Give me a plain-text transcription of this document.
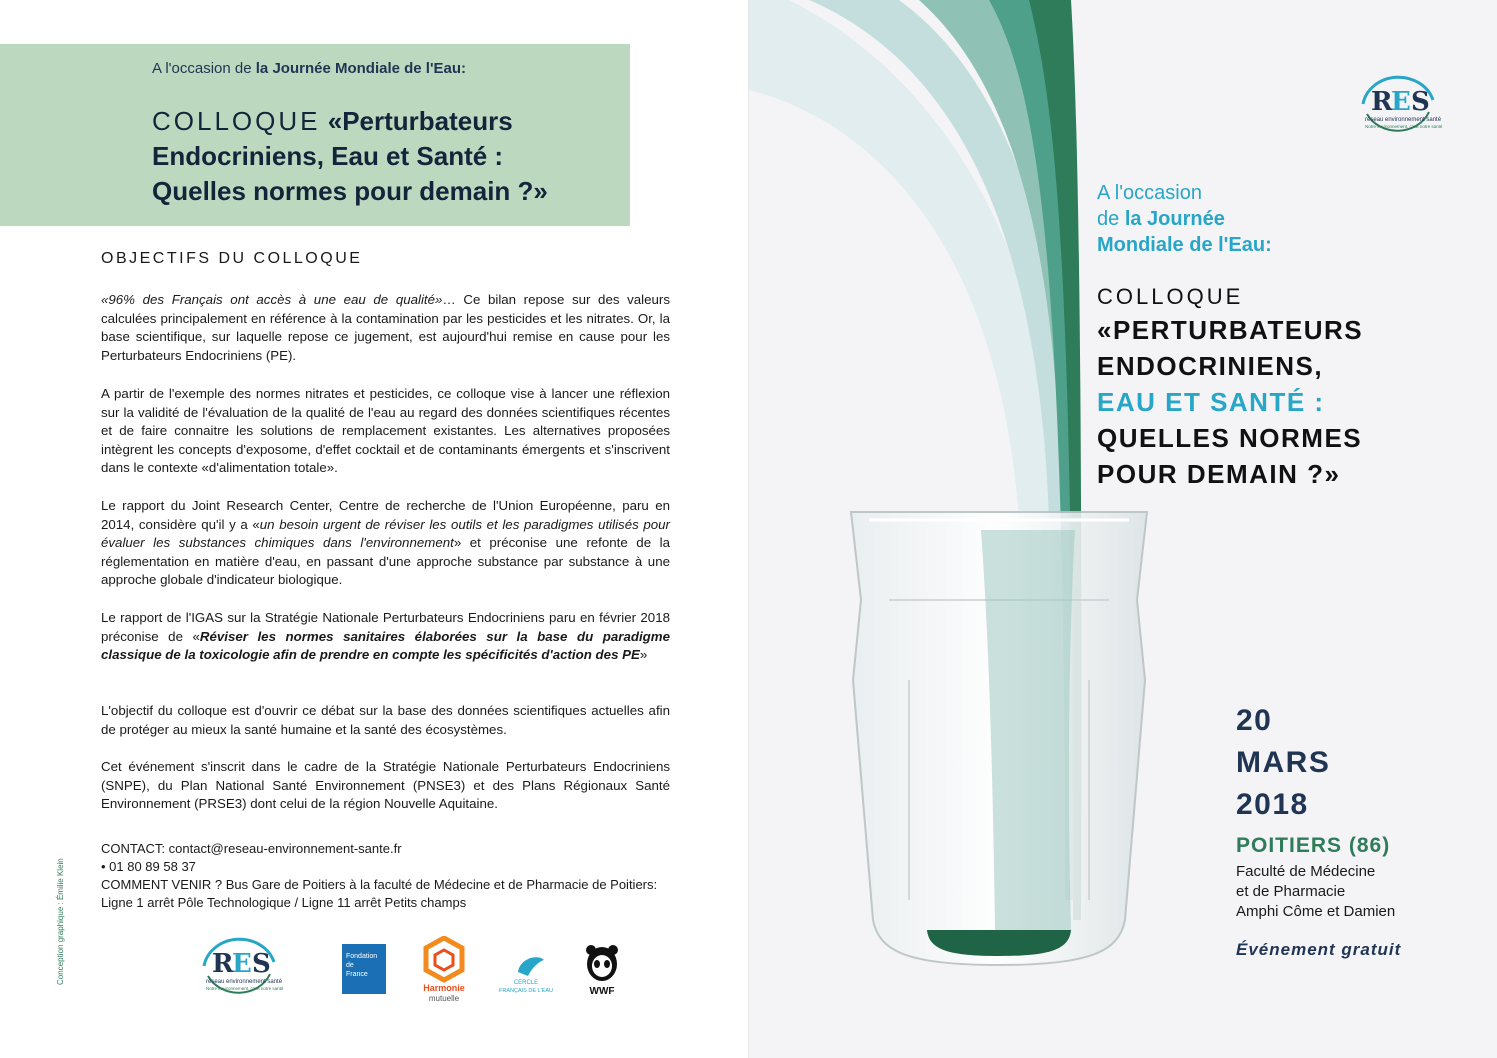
A l'occasion de la Journée Mondiale de l'Eau:
COLLOQUE «Perturbateurs
Endocriniens, Eau et Santé :
Quelles normes pour demain ?»
OBJECTIFS DU COLLOQUE
«96% des Français ont accès à une eau de qualité»… Ce bilan repose sur des valeurs calculées principalement en référence à la contamination par les pesticides et les nitrates. Or, la base scientifique, sur laquelle repose ce jugement, est aujourd'hui remise en cause pour les Perturbateurs Endocriniens (PE).
A partir de l'exemple des normes nitrates et pesticides, ce colloque vise à lancer une réflexion sur la validité de l'évaluation de la qualité de l'eau au regard des données scientifiques récentes et de faire connaitre les solutions de remplacement existantes. Les alternatives proposées intègrent les concepts d'exposome, d'effet cocktail et de contaminants émergents et s'inscrivent dans le contexte «d'alimentation totale».
Le rapport du Joint Research Center, Centre de recherche de l'Union Européenne, paru en 2014, considère qu'il y a «un besoin urgent de réviser les outils et les paradigmes utilisés pour évaluer les substances chimiques dans l'environnement» et préconise une refonte de la réglementation en matière d'eau, en passant d'une approche substance par substance à une approche globale d'indicateur biologique.
Le rapport de l'IGAS sur la Stratégie Nationale Perturbateurs Endocriniens paru en février 2018 préconise de «Réviser les normes sanitaires élaborées sur la base du paradigme classique de la toxicologie afin de prendre en compte les spécificités d'action des PE»
L'objectif du colloque est d'ouvrir ce débat sur la base des données scientifiques actuelles afin de protéger au mieux la santé humaine et la santé des écosystèmes.
Cet événement s'inscrit dans le cadre de la Stratégie Nationale Perturbateurs Endocriniens (SNPE), du Plan National Santé Environnement (PNSE3) et des Plans Régionaux Santé Environnement (PRSE3) dont celui de la région Nouvelle Aquitaine.
CONTACT: contact@reseau-environnement-sante.fr
• 01 80 89 58 37
COMMENT VENIR ? Bus Gare de Poitiers à la faculté de Médecine et de Pharmacie de Poitiers: Ligne 1 arrêt Pôle Technologique / Ligne 11 arrêt Petits champs
Conception graphique : Émilie Klein	R
E S
réseau environnement santé
Notre environnement, c'est notre santé
Fondation
de
France
Harmonie
mutuelle
CERCLE
FRANÇAIS DE L'EAU	WWF
R
E S
réseau environnement santé
Notre environnement, c'est notre santé
A l'occasion
de la Journée
Mondiale de l'Eau:
COLLOQUE
«PERTURBATEURS
ENDOCRINIENS,
EAU ET SANTÉ :
QUELLES NORMES
POUR DEMAIN ?»
20
MARS
2018
POITIERS (86)
Faculté de Médecine
et de Pharmacie
Amphi Côme et Damien
Événement gratuit
